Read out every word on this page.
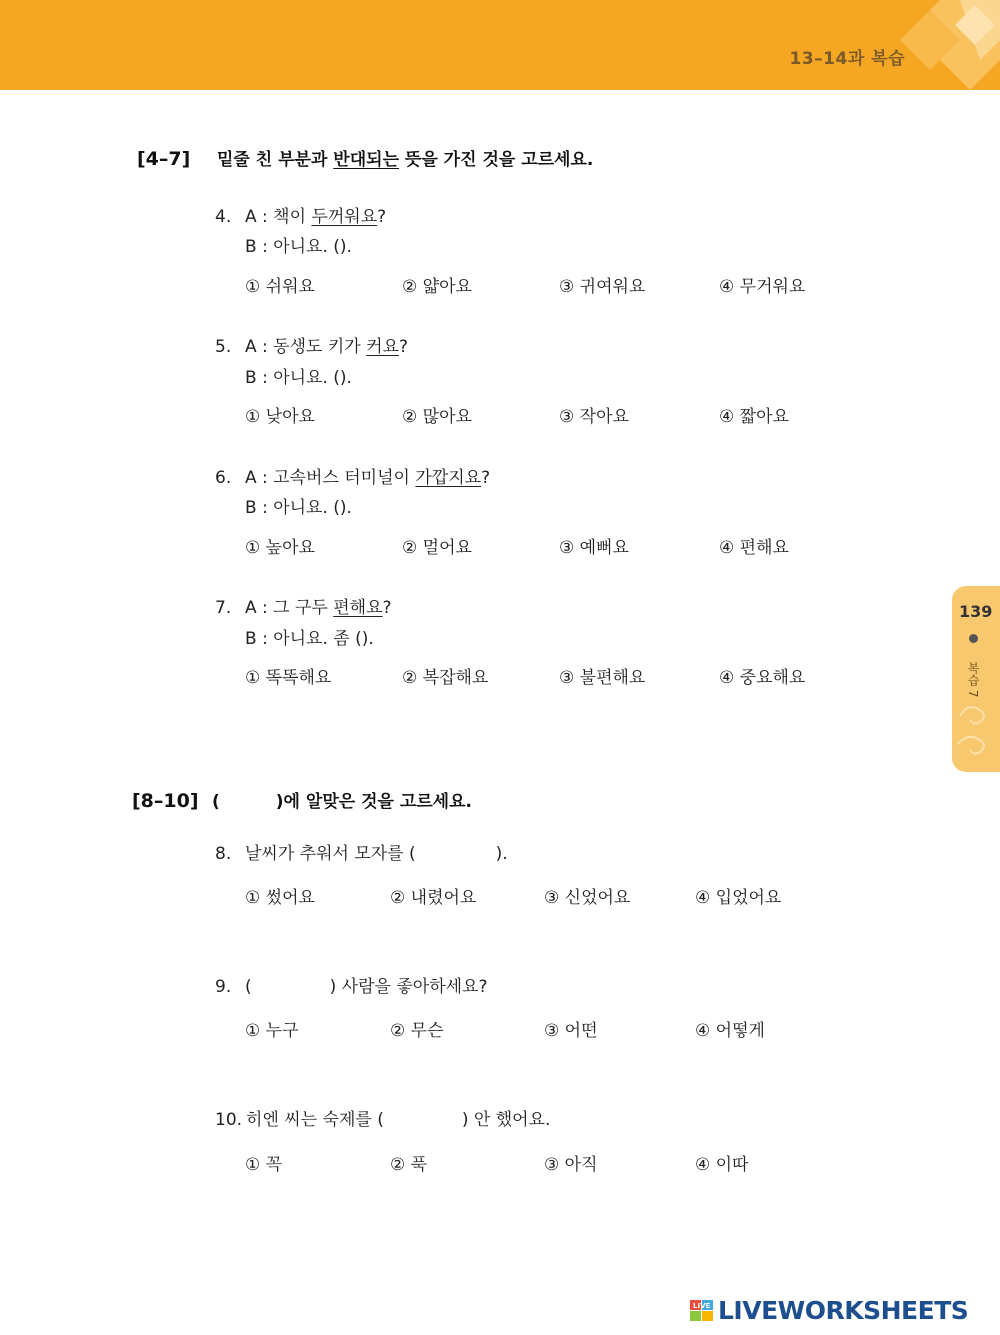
13–14과 복습
[4–7] 밑줄 친 부분과 반대되는 뜻을 가진 것을 고르세요.
4. A : 책이 두꺼워요?
B : 아니요. ().
① 쉬워요	② 얇아요	③ 귀여워요	④ 무거워요
5. A : 동생도 키가 커요?
B : 아니요. ().
① 낮아요	② 많아요	③ 작아요	④ 짧아요
6. A : 고속버스 터미널이 가깝지요?
B : 아니요. ().
① 높아요	② 멀어요	③ 예뻐요	④ 편해요
7. A : 그 구두 편해요?
B : 아니요. 좀 ().
① 똑똑해요	② 복잡해요	③ 불편해요	④ 중요해요
[8–10] (	)에 알맞은 것을 고르세요.
8. 날씨가 추워서 모자를 (	).
① 썼어요	② 내렸어요	③ 신었어요	④ 입었어요
9. (	) 사람을 좋아하세요?
① 누구	② 무슨	③ 어떤	④ 어떻게
10. 히엔 씨는 숙제를 (	) 안 했어요.
① 꼭	② 푹	③ 아직	④ 이따
139
복습 7
LIVE LIVEWORKSHEETS
